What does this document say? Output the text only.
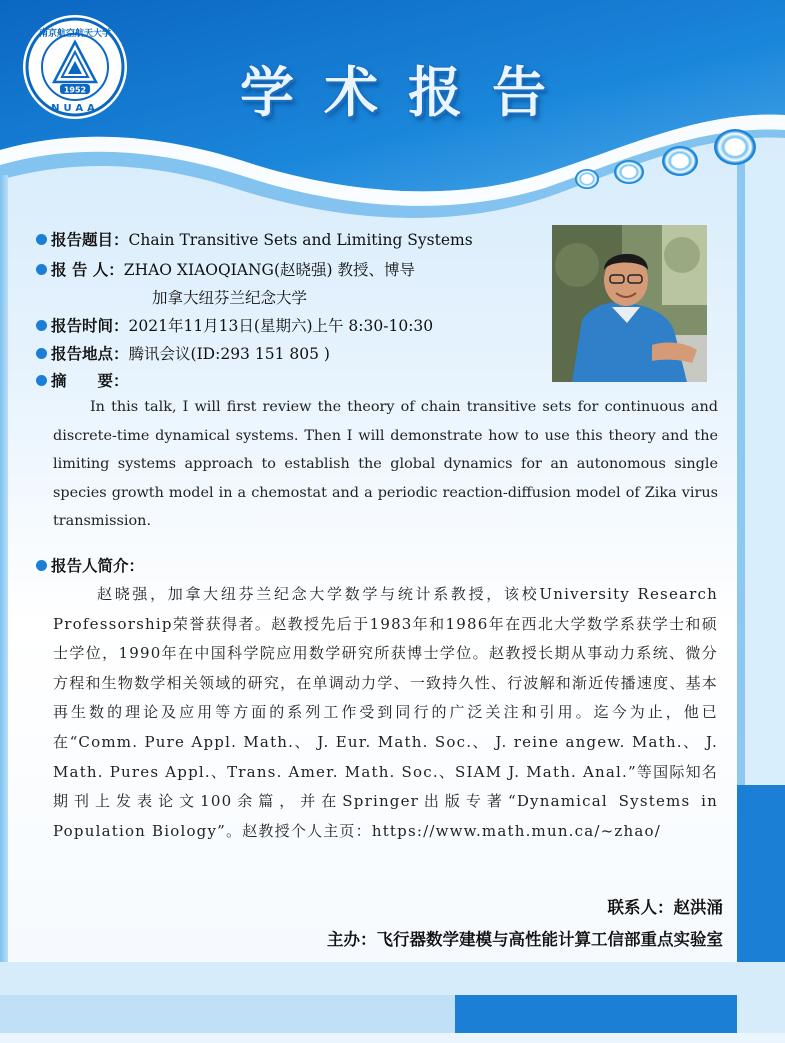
南京航空航天大学
1952
NUAA	学术报告
报告题目：Chain Transitive Sets and Limiting Systems
报 告 人：ZHAO XIAOQIANG(赵晓强) 教授、博导
加拿大纽芬兰纪念大学
报告时间：2021年11月13日(星期六)上午 8:30-10:30
报告地点：腾讯会议(ID:293 151 805 )
摘　　要：
In this talk, I will first review the theory of chain transitive sets for continuous and discrete-time dynamical systems. Then I will demonstrate how to use this theory and the limiting systems approach to establish the global dynamics for an autonomous single species growth model in a chemostat and a periodic reaction-diffusion model of Zika virus transmission.
报告人简介：
赵晓强，加拿大纽芬兰纪念大学数学与统计系教授，该校University Research Professorship荣誉获得者。赵教授先后于1983年和1986年在西北大学数学系获学士和硕士学位，1990年在中国科学院应用数学研究所获博士学位。赵教授长期从事动力系统、微分方程和生物数学相关领域的研究，在单调动力学、一致持久性、行波解和渐近传播速度、基本再生数的理论及应用等方面的系列工作受到同行的广泛关注和引用。迄今为止，他已在“Comm. Pure Appl. Math.、 J. Eur. Math. Soc.、 J. reine angew. Math.、 J. Math. Pures Appl.、Trans. Amer. Math. Soc.、SIAM J. Math. Anal.”等国际知名期刊上发表论文100余篇，并在Springer出版专著“Dynamical Systems in Population Biology”。赵教授个人主页：https://www.math.mun.ca/~zhao/
联系人：赵洪涌
主办：飞行器数学建模与高性能计算工信部重点实验室
